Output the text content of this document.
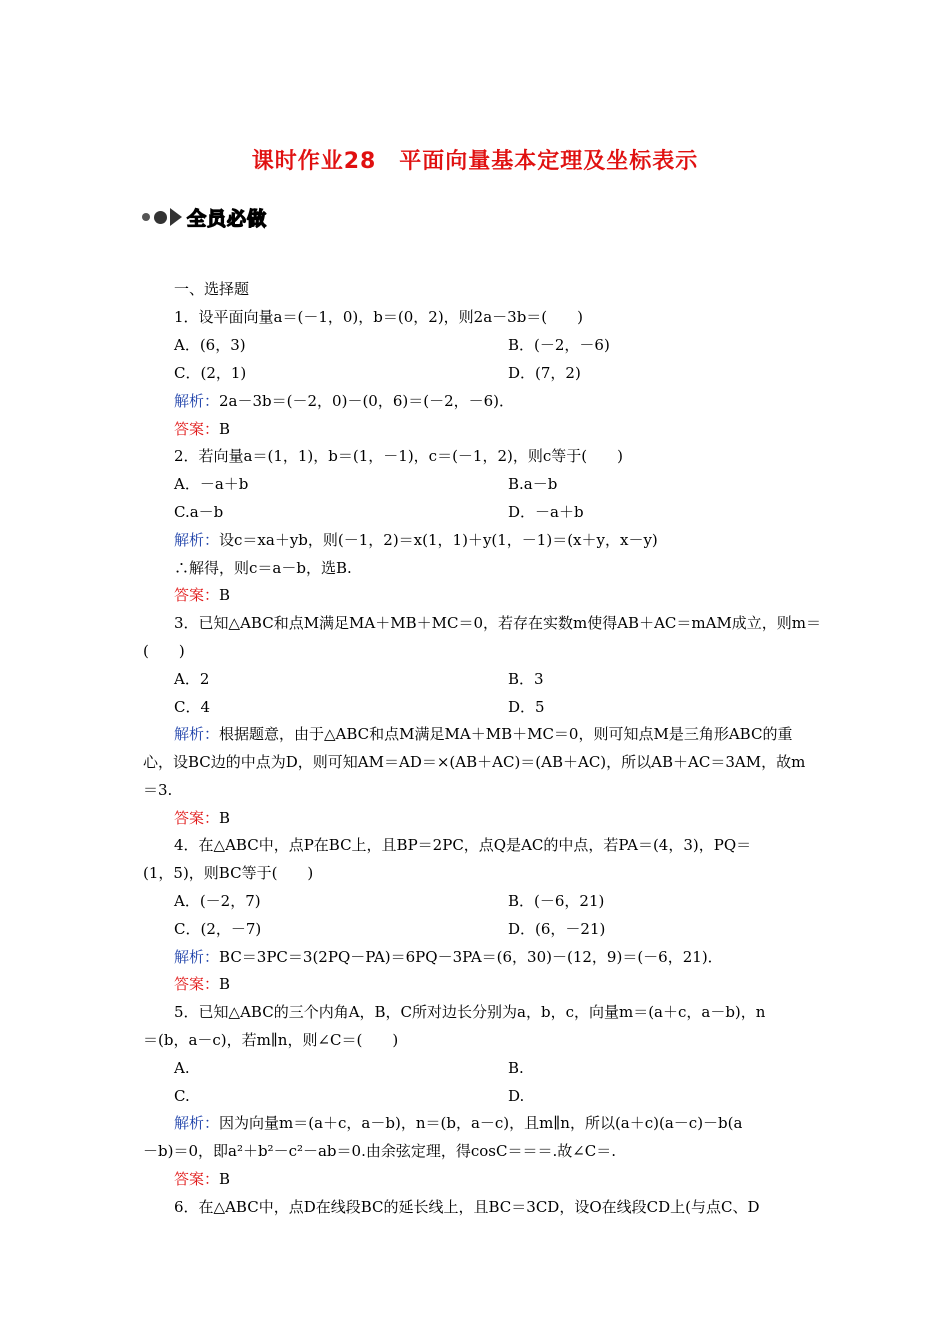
课时作业28　平面向量基本定理及坐标表示
全员必做
一、选择题
1．设平面向量a＝(－1，0)，b＝(0，2)，则2a－3b＝(　　)
A．(6，3)	B．(－2，－6)
C．(2，1)	D．(7，2)
解析：2a－3b＝(－2，0)－(0，6)＝(－2，－6)．
答案：B
2．若向量a＝(1，1)，b＝(1，－1)，c＝(－1，2)，则c等于(　　)
A．－a＋b	B.a－b
C.a－b	D．－a＋b
解析：设c＝xa＋yb，则(－1，2)＝x(1，1)＋y(1，－1)＝(x＋y，x－y)
∴解得，则c＝a－b，选B.
答案：B
3．已知△ABC和点M满足MA＋MB＋MC＝0，若存在实数m使得AB＋AC＝mAM成立，则m＝
(　　)
A．2	B．3
C．4	D．5
解析：根据题意，由于△ABC和点M满足MA＋MB＋MC＝0，则可知点M是三角形ABC的重
心，设BC边的中点为D，则可知AM＝AD＝×(AB＋AC)＝(AB＋AC)，所以AB＋AC＝3AM，故m
＝3.
答案：B
4．在△ABC中，点P在BC上，且BP＝2PC，点Q是AC的中点，若PA＝(4，3)，PQ＝
(1，5)，则BC等于(　　)
A．(－2，7)	B．(－6，21)
C．(2，－7)	D．(6，－21)
解析：BC＝3PC＝3(2PQ－PA)＝6PQ－3PA＝(6，30)－(12，9)＝(－6，21)．
答案：B
5．已知△ABC的三个内角A，B，C所对边长分别为a，b，c，向量m＝(a＋c，a－b)，n
＝(b，a－c)，若m∥n，则∠C＝(　　)
A.	B.
C.	D.
解析：因为向量m＝(a＋c，a－b)，n＝(b，a－c)，且m∥n，所以(a＋c)(a－c)－b(a
－b)＝0，即a²＋b²－c²－ab＝0.由余弦定理，得cosC＝＝＝.故∠C＝.
答案：B
6．在△ABC中，点D在线段BC的延长线上，且BC＝3CD，设O在线段CD上(与点C、D
